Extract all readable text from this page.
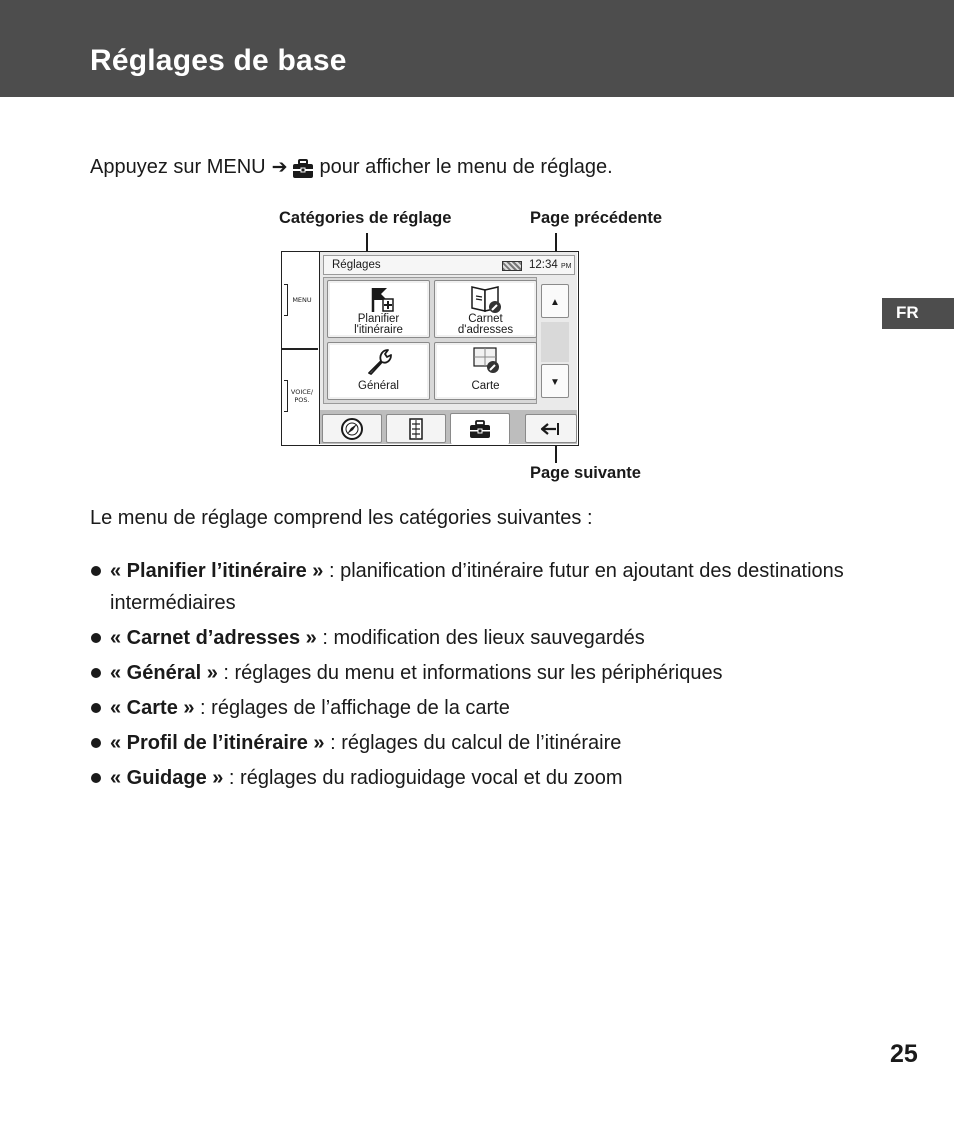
Réglages de base
FR

Appuyez sur MENU ➔ pour afficher le menu de réglage.

Catégories de réglage	Page précédente
Page suivante
MENU
VOICE/
POS.
Réglages	12:34 PM
Planifier
l'itinéraire
Carnet
d'adresses
Général	Carte
▲
▼

Le menu de réglage comprend les catégories suivantes :

« Planifier l’itinéraire » : planification d’itinéraire futur en ajoutant des destinations intermédiaires
« Carnet d’adresses » : modification des lieux sauvegardés
« Général » : réglages du menu et informations sur les périphériques
« Carte » : réglages de l’affichage de la carte
« Profil de l’itinéraire » : réglages du calcul de l’itinéraire
« Guidage » : réglages du radioguidage vocal et du zoom
25
